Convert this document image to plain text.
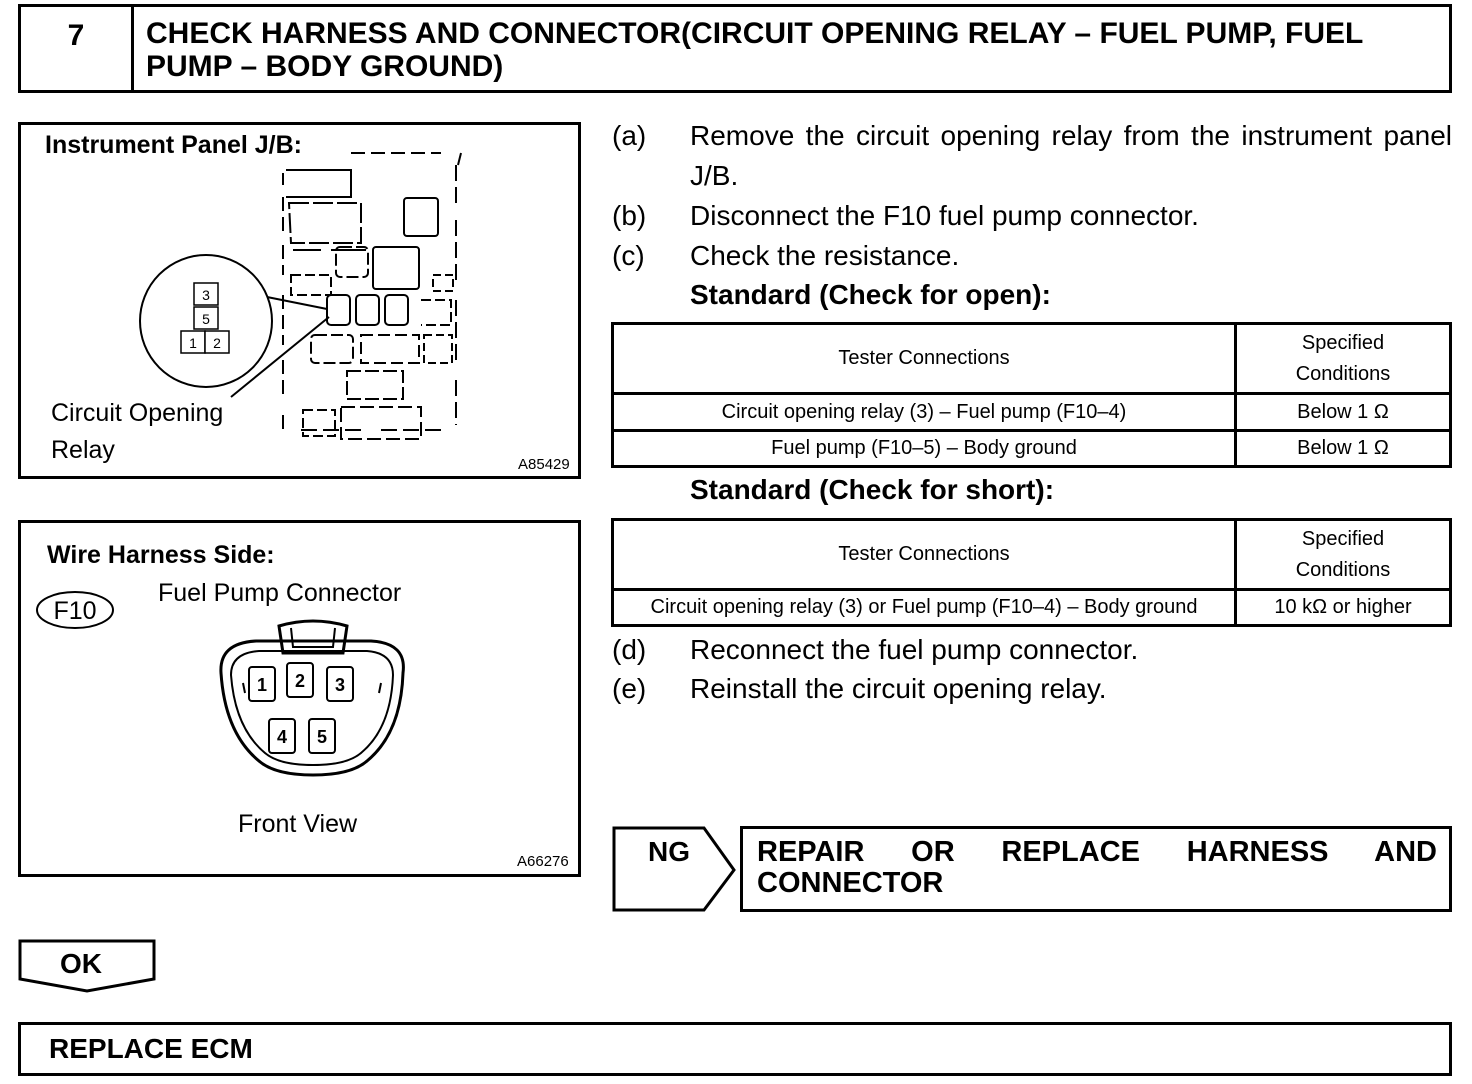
7	CHECK HARNESS AND CONNECTOR(CIRCUIT OPENING RELAY – FUEL PUMP, FUEL PUMP – BODY GROUND)
Instrument Panel J/B:
3
5
1 2
Circuit Opening
Relay
A85429
Wire Harness Side:
Fuel Pump Connector
Front View
A66276
F10
1 2 3
4 5
(a) Remove the circuit opening relay from the instrument panel J/B.
(b) Disconnect the F10 fuel pump connector.
(c) Check the resistance.
Standard (Check for open):
Tester Connections	Specified
Conditions

Circuit opening relay (3) – Fuel pump (F10–4)	Below 1 Ω
Fuel pump (F10–5) – Body ground	Below 1 Ω
Standard (Check for short):
Tester Connections	Specified
Conditions

Circuit opening relay (3) or Fuel pump (F10–4) – Body ground	10 kΩ or higher
(d) Reconnect the fuel pump connector.
(e) Reinstall the circuit opening relay.
NG REPAIR OR REPLACE HARNESS AND CONNECTOR
OK
REPLACE ECM
